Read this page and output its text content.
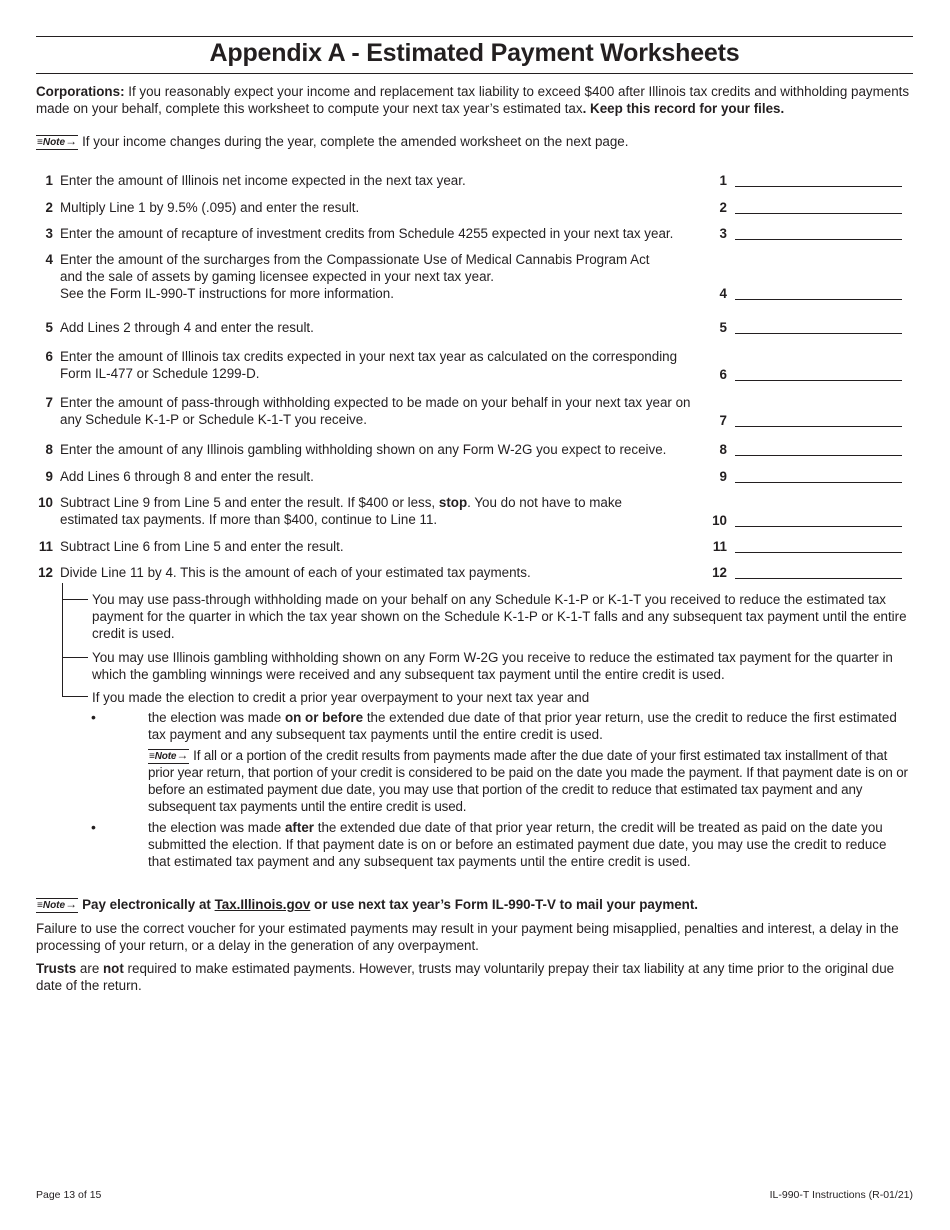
Appendix A - Estimated Payment Worksheets
Corporations: If you reasonably expect your income and replacement tax liability to exceed $400 after Illinois tax credits and withholding payments made on your behalf, complete this worksheet to compute your next tax year’s estimated tax. Keep this record for your files.
≡ Note → If your income changes during the year, complete the amended worksheet on the next page.
1 Enter the amount of Illinois net income expected in the next tax year.	1
2 Multiply Line 1 by 9.5% (.095) and enter the result.	2
3 Enter the amount of recapture of investment credits from Schedule 4255 expected in your next tax year.	3
4 Enter the amount of the surcharges from the Compassionate Use of Medical Cannabis Program Act
and the sale of assets by gaming licensee expected in your next tax year.
See the Form IL-990-T instructions for more information.	4
5 Add Lines 2 through 4 and enter the result.	5
6 Enter the amount of Illinois tax credits expected in your next tax year as calculated on the corresponding
Form IL-477 or Schedule 1299-D.	6
7 Enter the amount of pass-through withholding expected to be made on your behalf in your next tax year on
any Schedule K-1-P or Schedule K-1-T you receive.	7
8 Enter the amount of any Illinois gambling withholding shown on any Form W-2G you expect to receive.	8
9 Add Lines 6 through 8 and enter the result.	9
10 Subtract Line 9 from Line 5 and enter the result. If $400 or less, stop. You do not have to make
estimated tax payments. If more than $400, continue to Line 11.	10
11 Subtract Line 6 from Line 5 and enter the result.	11
12 Divide Line 11 by 4. This is the amount of each of your estimated tax payments.	12
You may use pass-through withholding made on your behalf on any Schedule K-1-P or K-1-T you received to reduce the estimated tax payment for the quarter in which the tax year shown on the Schedule K-1-P or K-1-T falls and any subsequent tax payment until the entire credit is used.
You may use Illinois gambling withholding shown on any Form W-2G you receive to reduce the estimated tax payment for the quarter in which the gambling winnings were received and any subsequent tax payment until the entire credit is used.
If you made the election to credit a prior year overpayment to your next tax year and
•	the election was made on or before the extended due date of that prior year return, use the credit to reduce the first estimated tax payment and any subsequent tax payments until the entire credit is used.
≡ Note → If all or a portion of the credit results from payments made after the due date of your first estimated tax installment of that prior year return, that portion of your credit is considered to be paid on the date you made the payment. If that payment date is on or before an estimated payment due date, you may use that portion of the credit to reduce that estimated tax payment and any subsequent tax payments until the entire credit is used.
•	the election was made after the extended due date of that prior year return, the credit will be treated as paid on the date you submitted the election. If that payment date is on or before an estimated payment due date, you may use the credit to reduce that estimated tax payment and any subsequent tax payments until the entire credit is used.
≡ Note → Pay electronically at Tax.Illinois.gov or use next tax year’s Form IL-990-T-V to mail your payment.
Failure to use the correct voucher for your estimated payments may result in your payment being misapplied, penalties and interest, a delay in the processing of your return, or a delay in the generation of any overpayment.
Trusts are not required to make estimated payments. However, trusts may voluntarily prepay their tax liability at any time prior to the original due date of the return.
Page 13 of 15	IL-990-T Instructions (R-01/21)
